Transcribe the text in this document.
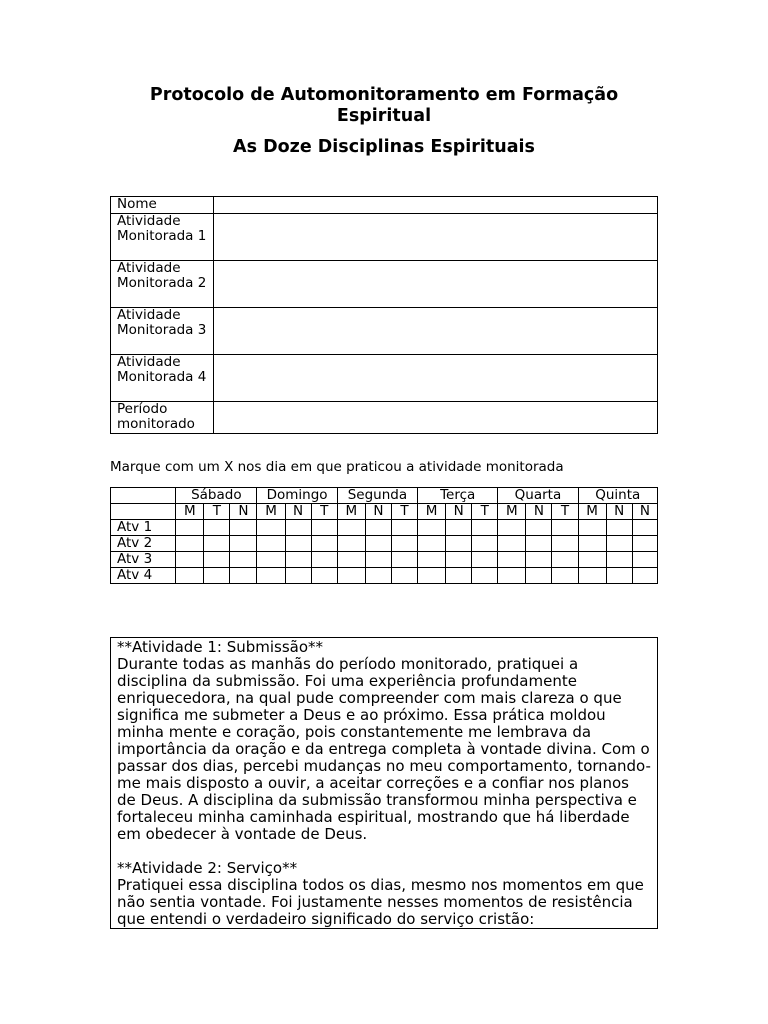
Protocolo de Automonitoramento em Formação Espiritual
As Doze Disciplinas Espirituais
Nome	
Atividade Monitorada 1	
Atividade Monitorada 2	
Atividade Monitorada 3	
Atividade Monitorada 4	
Período monitorado	
Marque com um X nos dia em que praticou a atividade monitorada
	Sábado			Domingo			Segunda			Terça			Quarta			Quinta		
	M	T	N	M	N	T	M	N	T	M	N	T	M	N	T	M	N	N
Atv 1																		
Atv 2																		
Atv 3																		
Atv 4																		

**Atividade 1: Submissão**

Durante todas as manhãs do período monitorado, pratiquei a disciplina da submissão. Foi uma experiência profundamente enriquecedora, na qual pude compreender com mais clareza o que significa me submeter a Deus e ao próximo. Essa prática moldou minha mente e coração, pois constantemente me lembrava da importância da oração e da entrega completa à vontade divina. Com o passar dos dias, percebi mudanças no meu comportamento, tornando-me mais disposto a ouvir, a aceitar correções e a confiar nos planos de Deus. A disciplina da submissão transformou minha perspectiva e fortaleceu minha caminhada espiritual, mostrando que há liberdade em obedecer à vontade de Deus.

**Atividade 2: Serviço**

Pratiquei essa disciplina todos os dias, mesmo nos momentos em que não sentia vontade. Foi justamente nesses momentos de resistência que entendi o verdadeiro significado do serviço cristão:
